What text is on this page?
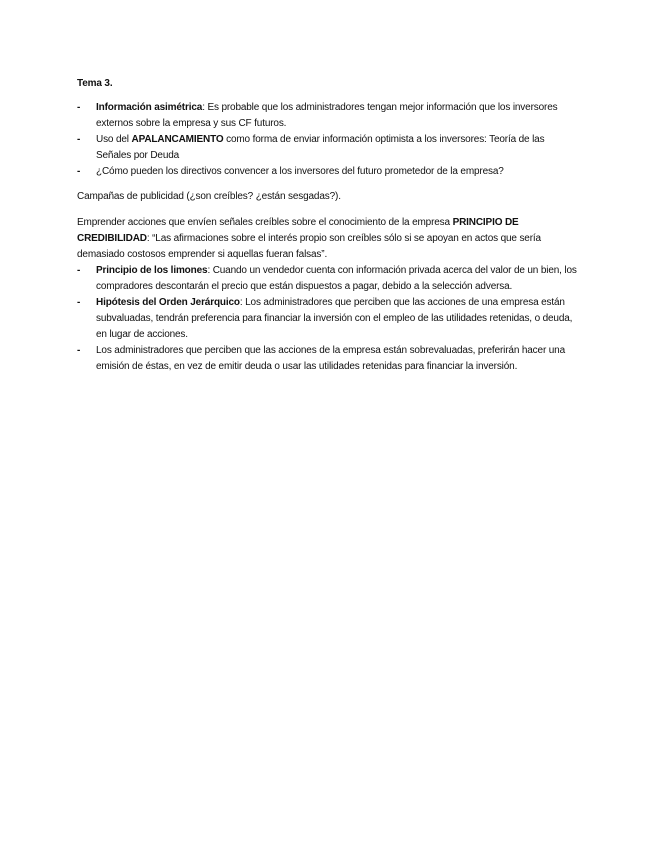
Tema 3.

- Información asimétrica: Es probable que los administradores tengan mejor información que los inversores externos sobre la empresa y sus CF futuros.
- Uso del APALANCAMIENTO como forma de enviar información optimista a los inversores: Teoría de las Señales por Deuda
- ¿Cómo pueden los directivos convencer a los inversores del futuro prometedor de la empresa?

Campañas de publicidad (¿son creíbles? ¿están sesgadas?).

Emprender acciones que envíen señales creíbles sobre el conocimiento de la empresa PRINCIPIO DE CREDIBILIDAD: “Las afirmaciones sobre el interés propio son creíbles sólo si se apoyan en actos que sería demasiado costosos emprender si aquellas fueran falsas”.

- Principio de los limones: Cuando un vendedor cuenta con información privada acerca del valor de un bien, los compradores descontarán el precio que están dispuestos a pagar, debido a la selección adversa.
- Hipótesis del Orden Jerárquico: Los administradores que perciben que las acciones de una empresa están subvaluadas, tendrán preferencia para financiar la inversión con el empleo de las utilidades retenidas, o deuda, en lugar de acciones.
- Los administradores que perciben que las acciones de la empresa están sobrevaluadas, preferirán hacer una emisión de éstas, en vez de emitir deuda o usar las utilidades retenidas para financiar la inversión.
